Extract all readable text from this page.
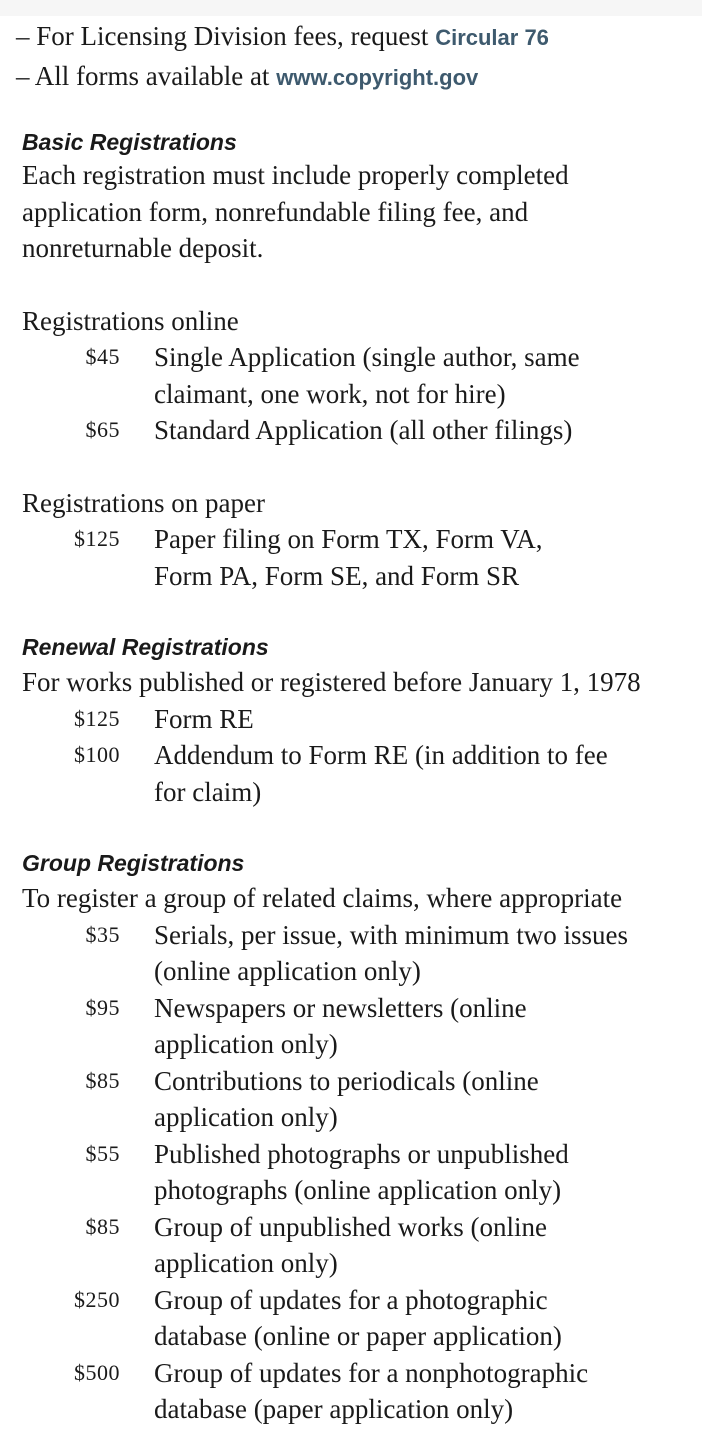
– For Licensing Division fees, request Circular 76
– All forms available at www.copyright.gov
Basic Registrations

Each registration must include properly completed

application form, nonrefundable filing fee, and

nonreturnable deposit.

Registrations online

$45	Single Application (single author, same
claimant, one work, not for hire)
$65	Standard Application (all other filings)

Registrations on paper

$125	Paper filing on Form TX, Form VA,
Form PA, Form SE, and Form SR
Renewal Registrations

For works published or registered before January 1, 1978

$125	Form RE
$100	Addendum to Form RE (in addition to fee
for claim)
Group Registrations

To register a group of related claims, where appropriate

$35	Serials, per issue, with minimum two issues
(online application only)
$95	Newspapers or newsletters (online
application only)
$85	Contributions to periodicals (online
application only)
$55	Published photographs or unpublished
photographs (online application only)
$85	Group of unpublished works (online
application only)
$250	Group of updates for a photographic
database (online or paper application)
$500	Group of updates for a nonphotographic
database (paper application only)
